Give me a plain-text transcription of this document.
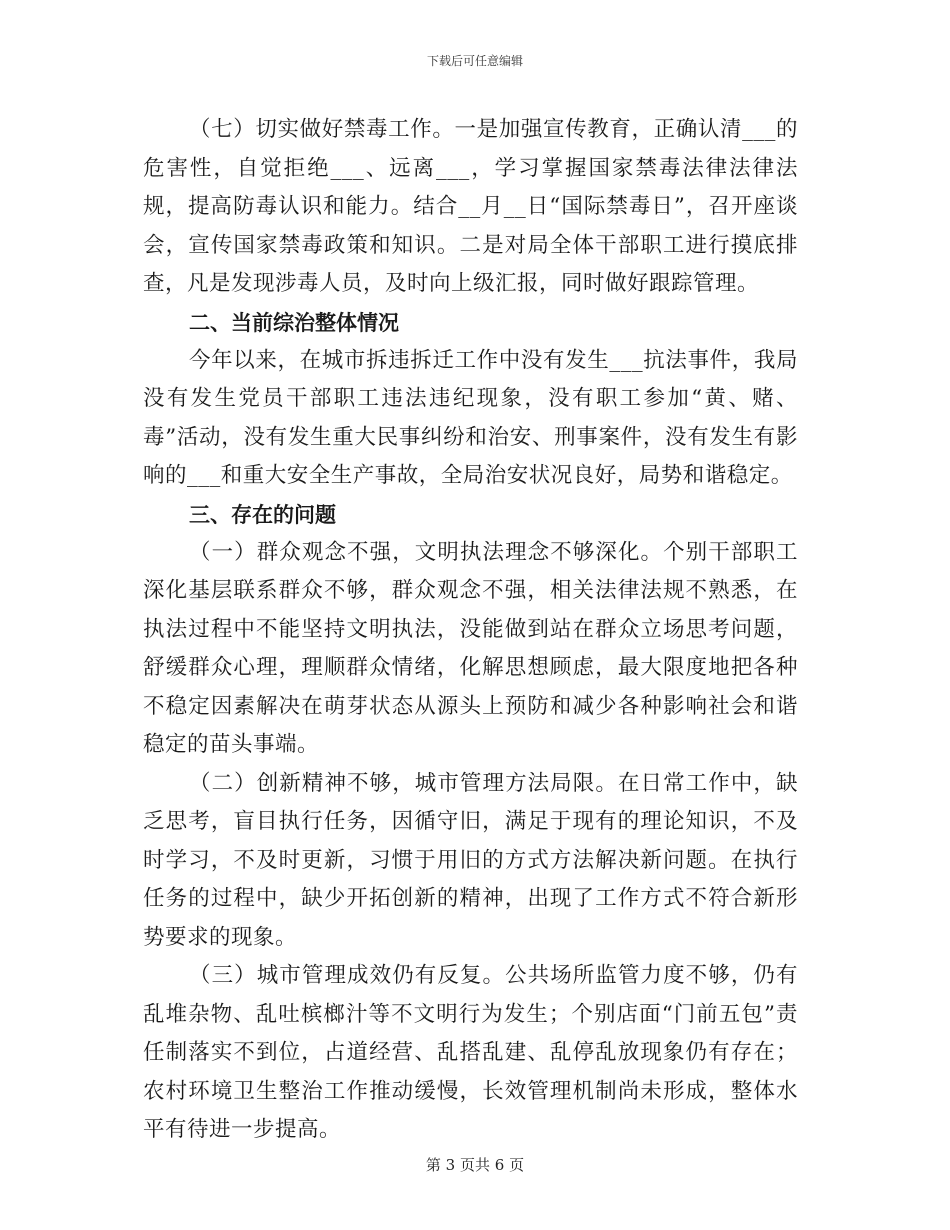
下载后可任意编辑

（七）切实做好禁毒工作。一是加强宣传教育，正确认清___的危害性，自觉拒绝___、远离___，学习掌握国家禁毒法律法律法规，提高防毒认识和能力。结合__月__日“国际禁毒日”，召开座谈会，宣传国家禁毒政策和知识。二是对局全体干部职工进行摸底排查，凡是发现涉毒人员，及时向上级汇报，同时做好跟踪管理。

二、当前综治整体情况

今年以来，在城市拆违拆迁工作中没有发生___抗法事件，我局没有发生党员干部职工违法违纪现象，没有职工参加“黄、赌、毒”活动，没有发生重大民事纠纷和治安、刑事案件，没有发生有影响的___和重大安全生产事故，全局治安状况良好，局势和谐稳定。

三、存在的问题

（一）群众观念不强，文明执法理念不够深化。个别干部职工深化基层联系群众不够，群众观念不强，相关法律法规不熟悉，在执法过程中不能坚持文明执法，没能做到站在群众立场思考问题，舒缓群众心理，理顺群众情绪，化解思想顾虑，最大限度地把各种不稳定因素解决在萌芽状态从源头上预防和减少各种影响社会和谐稳定的苗头事端。

（二）创新精神不够，城市管理方法局限。在日常工作中，缺乏思考，盲目执行任务，因循守旧，满足于现有的理论知识，不及时学习，不及时更新，习惯于用旧的方式方法解决新问题。在执行任务的过程中，缺少开拓创新的精神，出现了工作方式不符合新形势要求的现象。

（三）城市管理成效仍有反复。公共场所监管力度不够，仍有乱堆杂物、乱吐槟榔汁等不文明行为发生；个别店面“门前五包”责任制落实不到位，占道经营、乱搭乱建、乱停乱放现象仍有存在；农村环境卫生整治工作推动缓慢，长效管理机制尚未形成，整体水平有待进一步提高。

第 3 页共 6 页
